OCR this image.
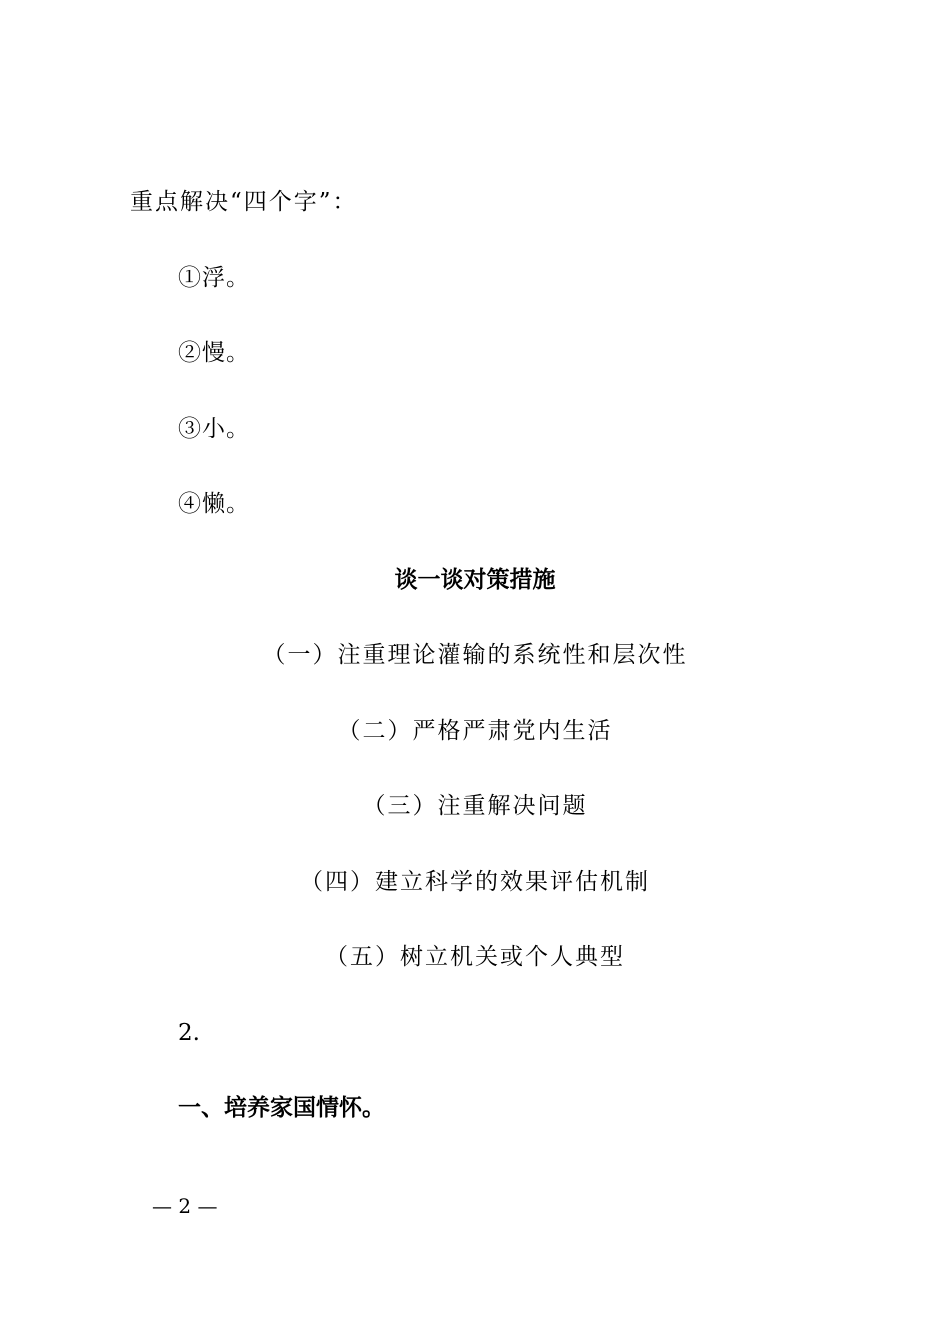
重点解决“四个字”：
①浮。
②慢。
③小。
④懒。
谈一谈对策措施
（一）注重理论灌输的系统性和层次性
（二）严格严肃党内生活
（三）注重解决问题
（四）建立科学的效果评估机制
（五）树立机关或个人典型
2.
一、培养家国情怀。
— 2 —
